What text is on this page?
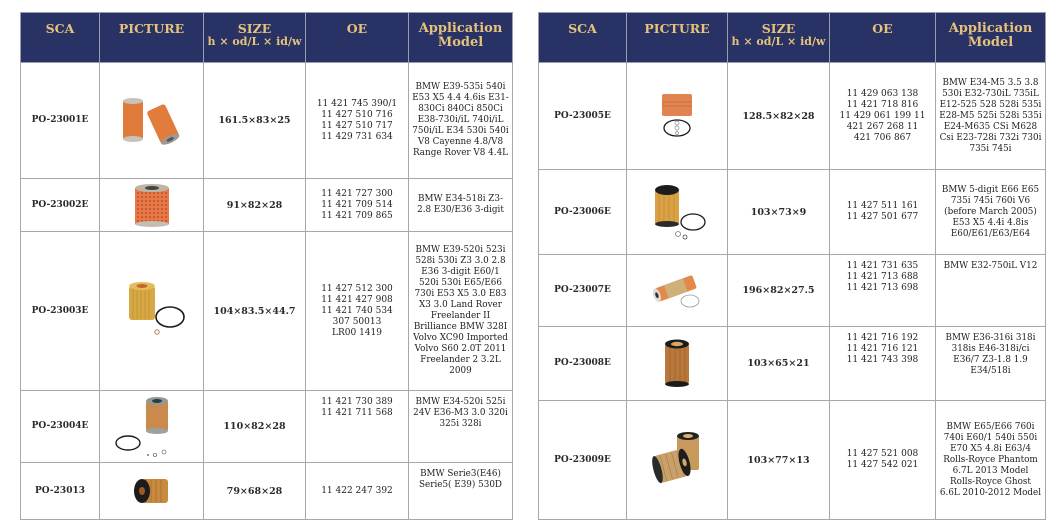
SCA	PICTURE	SIZE
h × od/L × id/w	OE	Application
Model
PO-23001E		161.5×83×25	11 421 745 390/1
11 427 510 716
11 427 510 717
11 429 731 634	BMW E39-535i 540i E53 X5 4.4 4.6is E31-830Ci 840Ci 850Ci E38-730i/iL 740i/iL 750i/iL E34 530i 540i V8 Cayenne 4.8/V8 Range Rover V8 4.4L
PO-23002E		91×82×28	11 421 727 300
11 421 709 514
11 421 709 865	BMW E34-518i Z3-2.8 E30/E36 3-digit
PO-23003E		104×83.5×44.7	
11 427 512 300
11 421 427 908
11 421 740 534
307 50013
LR00 1419
	BMW E39-520i 523i 528i 530i Z3 3.0 2.8 E36 3-digit E60/1 520i 530i E65/E66 730i E53 X5 3.0 E83 X3 3.0 Land Rover Freelander II Brilliance BMW 328I Volvo XC90 Imported Volvo S60 2.0T 2011 Freelander 2 3.2L 2009
PO-23004E		110×82×28	11 421 730 389
11 421 711 568	BMW E34-520i 525i 24V E36-M3 3.0 320i 325i 328i
PO-23013		79×68×28	11 422 247 392	BMW Serie3(E46) Serie5( E39) 530D
SCA	PICTURE	SIZE
h × od/L × id/w	OE	Application
Model
PO-23005E		128.5×82×28	11 429 063 138
11 421 718 816
11 429 061 199 11
421 267 268 11
421 706 867	BMW E34-M5 3.5 3.8 530i E32-730iL 735iL E12-525 528 528i 535i E28-M5 525i 528i 535i E24-M635 CSi M628 Csi E23-728i 732i 730i 735i 745i
PO-23006E		103×73×9	11 427 511 161
11 427 501 677	BMW 5-digit E66 E65 735i 745i 760i V6 (before March 2005) E53 X5 4.4i 4.8is E60/E61/E63/E64
PO-23007E		196×82×27.5	11 421 731 635
11 421 713 688
11 421 713 698	BMW E32-750iL V12
PO-23008E		103×65×21	11 421 716 192
11 421 716 121
11 421 743 398	BMW E36-316i 318i 318is E46-318i/ci E36/7 Z3-1.8 1.9 E34/518i
PO-23009E		103×77×13	11 427 521 008
11 427 542 021	BMW E65/E66 760i 740i E60/1 540i 550i E70 X5 4.8i E63/4 Rolls-Royce Phantom 6.7L 2013 Model Rolls-Royce Ghost 6.6L 2010-2012 Model
